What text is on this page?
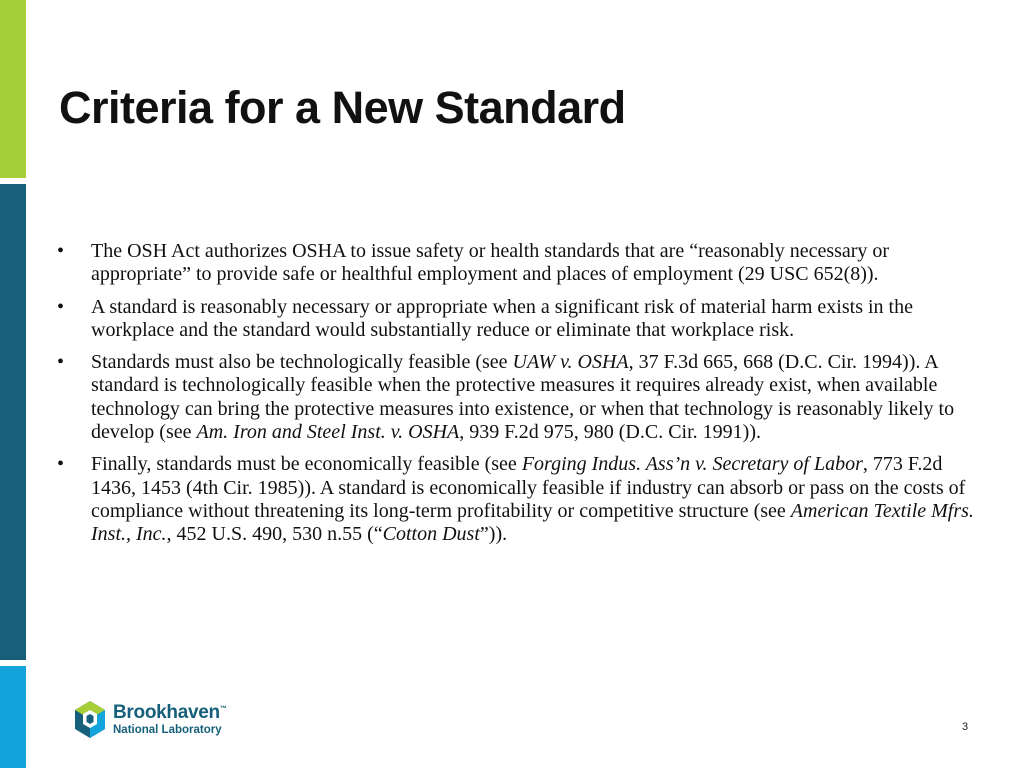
Criteria for a New Standard
• The OSH Act authorizes OSHA to issue safety or health standards that are “reasonably necessary or appropriate” to provide safe or healthful employment and places of employment (29 USC 652(8)).
• A standard is reasonably necessary or appropriate when a significant risk of material harm exists in the workplace and the standard would substantially reduce or eliminate that workplace risk.
• Standards must also be technologically feasible (see UAW v. OSHA, 37 F.3d 665, 668 (D.C. Cir. 1994)). A standard is technologically feasible when the protective measures it requires already exist, when available technology can bring the protective measures into existence, or when that technology is reasonably likely to develop (see Am. Iron and Steel Inst. v. OSHA, 939 F.2d 975, 980 (D.C. Cir. 1991)).
• Finally, standards must be economically feasible (see Forging Indus. Ass’n v. Secretary of Labor, 773 F.2d 1436, 1453 (4th Cir. 1985)). A standard is economically feasible if industry can absorb or pass on the costs of compliance without threatening its long-term profitability or competitive structure (see American Textile Mfrs. Inst., Inc., 452 U.S. 490, 530 n.55 (“Cotton Dust”)).
Brookhaven™
National Laboratory	3
